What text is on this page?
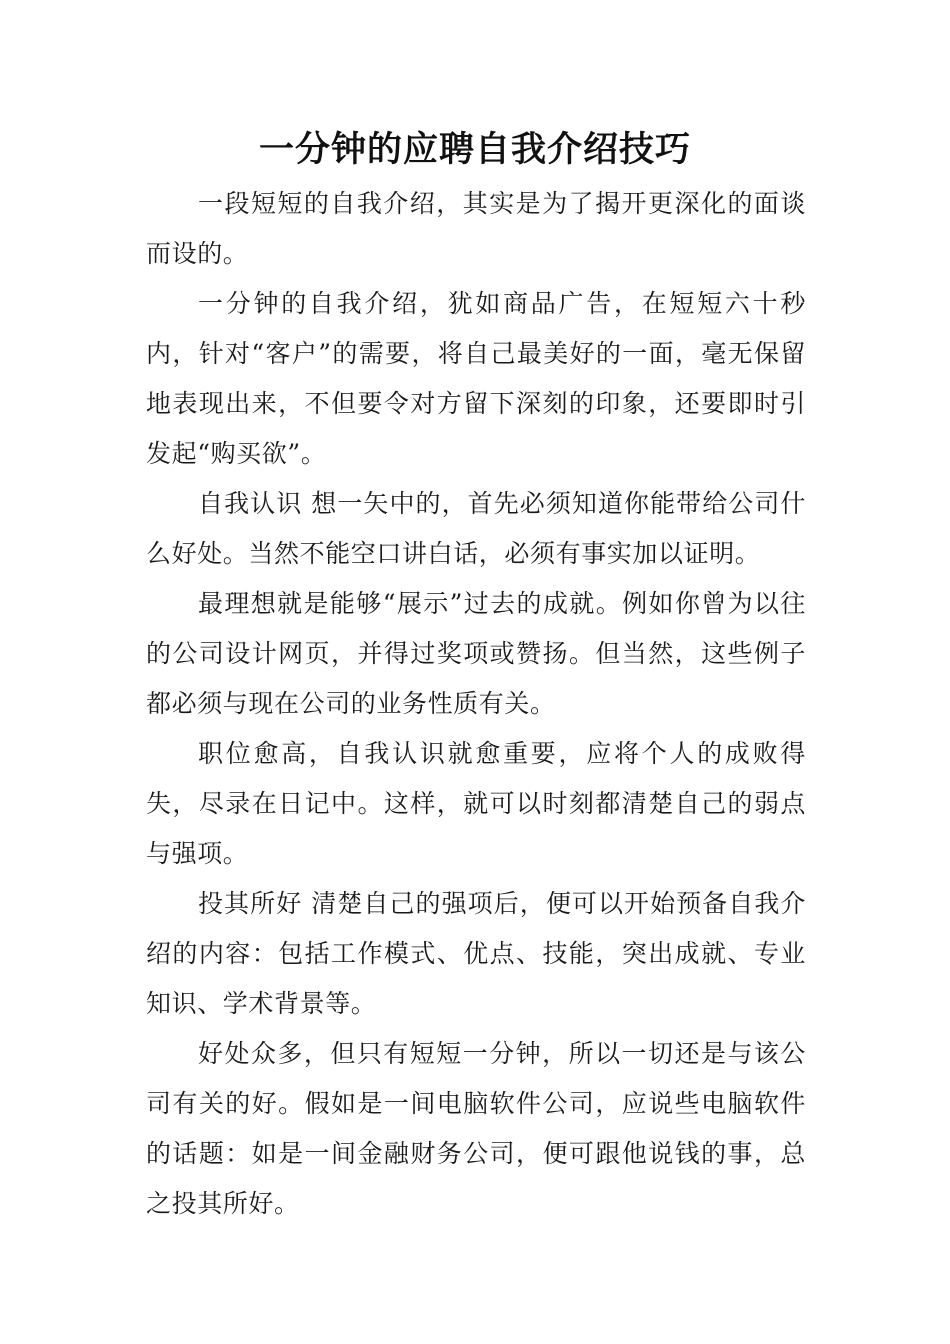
一分钟的应聘自我介绍技巧

一段短短的自我介绍，其实是为了揭开更深化的面谈而设的。

一分钟的自我介绍，犹如商品广告，在短短六十秒内，针对“客户”的需要，将自己最美好的一面，毫无保留地表现出来，不但要令对方留下深刻的印象，还要即时引发起“购买欲”。

自我认识 想一矢中的，首先必须知道你能带给公司什么好处。当然不能空口讲白话，必须有事实加以证明。

最理想就是能够“展示”过去的成就。例如你曾为以往的公司设计网页，并得过奖项或赞扬。但当然，这些例子都必须与现在公司的业务性质有关。

职位愈高，自我认识就愈重要，应将个人的成败得失，尽录在日记中。这样，就可以时刻都清楚自己的弱点与强项。

投其所好 清楚自己的强项后，便可以开始预备自我介绍的内容：包括工作模式、优点、技能，突出成就、专业知识、学术背景等。

好处众多，但只有短短一分钟，所以一切还是与该公司有关的好。假如是一间电脑软件公司，应说些电脑软件的话题：如是一间金融财务公司，便可跟他说钱的事，总之投其所好。
